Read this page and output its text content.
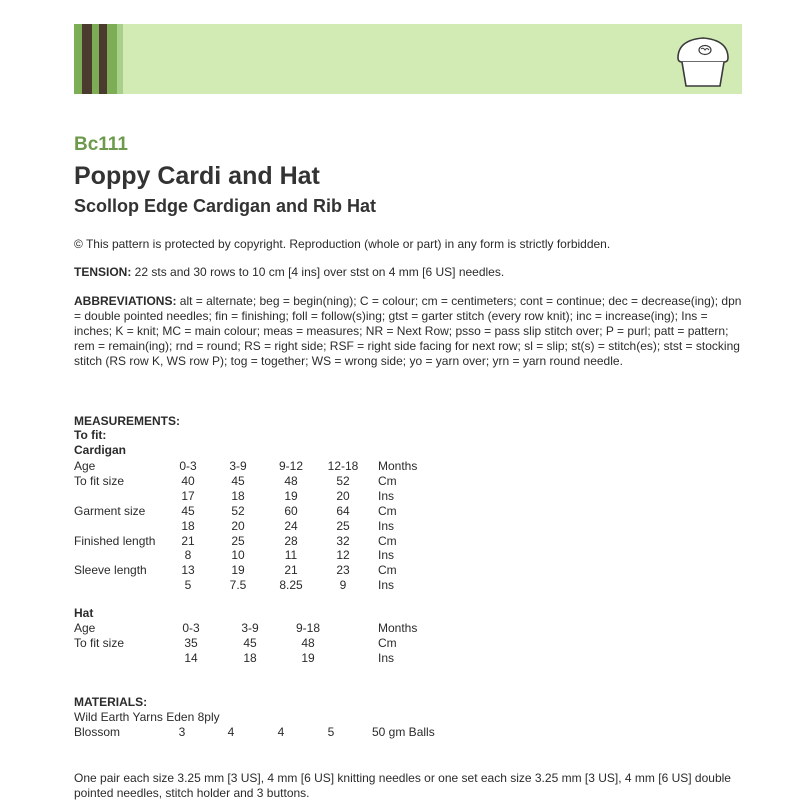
Bc111
Poppy Cardi and Hat
Scollop Edge Cardigan and Rib Hat
© This pattern is protected by copyright. Reproduction (whole or part) in any form is strictly forbidden.
TENSION: 22 sts and 30 rows to 10 cm [4 ins] over stst on 4 mm [6 US] needles.
ABBREVIATIONS: alt = alternate; beg = begin(ning); C = colour; cm = centimeters; cont = continue; dec = decrease(ing); dpn = double pointed needles; fin = finishing; foll = follow(s)ing; gtst = garter stitch (every row knit); inc = increase(ing); Ins = inches; K = knit; MC = main colour; meas = measures; NR = Next Row; psso = pass slip stitch over; P = purl; patt = pattern; rem = remain(ing); rnd = round; RS = right side; RSF = right side facing for next row; sl = slip; st(s) = stitch(es); stst = stocking stitch (RS row K, WS row P); tog = together; WS = wrong side; yo = yarn over; yrn = yarn round needle.
MEASUREMENTS:
To fit:
Cardigan
Age	0-3	3-9	9-12	12-18	Months
To fit size	40	45	48	52	Cm
17	18	19	20	Ins
Garment size	45	52	60	64	Cm
18	20	24	25	Ins
Finished length	21	25	28	32	Cm
8	10	11	12	Ins
Sleeve length	13	19	21	23	Cm
5	7.5	8.25	9	Ins
Hat
Age	0-3	3-9	9-18	Months
To fit size	35	45	48	Cm
14	18	19	Ins
MATERIALS:
Wild Earth Yarns Eden 8ply
Blossom	3	4	4	5	50 gm Balls
One pair each size 3.25 mm [3 US], 4 mm [6 US] knitting needles or one set each size 3.25 mm [3 US], 4 mm [6 US] double pointed needles, stitch holder and 3 buttons.
